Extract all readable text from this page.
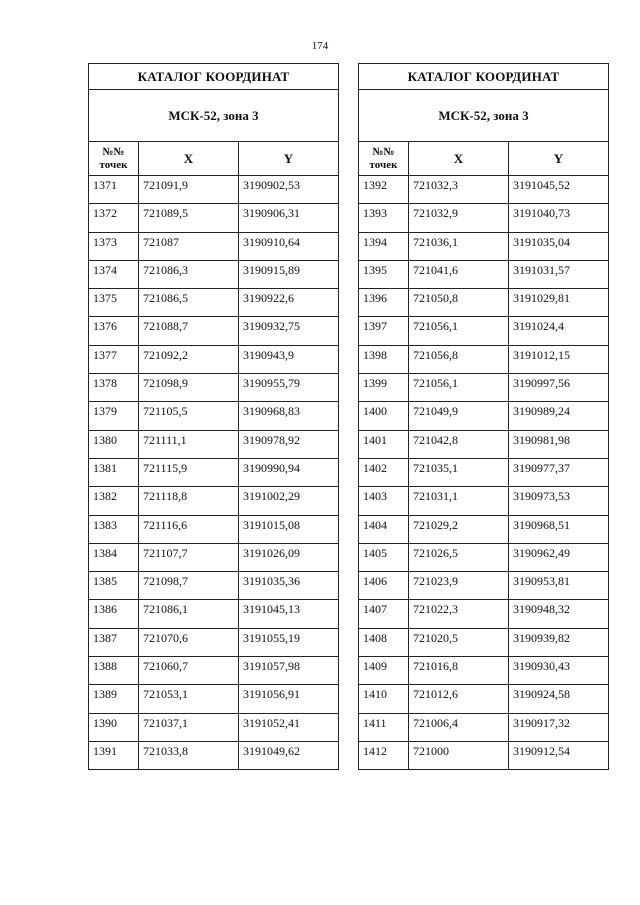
174
КАТАЛОГ КООРДИНАТ		
МСК-52, зона 3		
№№
точек	X	Y
1371	721091,9	3190902,53
1372	721089,5	3190906,31
1373	721087	3190910,64
1374	721086,3	3190915,89
1375	721086,5	3190922,6
1376	721088,7	3190932,75
1377	721092,2	3190943,9
1378	721098,9	3190955,79
1379	721105,5	3190968,83
1380	721111,1	3190978,92
1381	721115,9	3190990,94
1382	721118,8	3191002,29
1383	721116,6	3191015,08
1384	721107,7	3191026,09
1385	721098,7	3191035,36
1386	721086,1	3191045,13
1387	721070,6	3191055,19
1388	721060,7	3191057,98
1389	721053,1	3191056,91
1390	721037,1	3191052,41
1391	721033,8	3191049,62
КАТАЛОГ КООРДИНАТ		
МСК-52, зона 3		
№№
точек	X	Y
1392	721032,3	3191045,52
1393	721032,9	3191040,73
1394	721036,1	3191035,04
1395	721041,6	3191031,57
1396	721050,8	3191029,81
1397	721056,1	3191024,4
1398	721056,8	3191012,15
1399	721056,1	3190997,56
1400	721049,9	3190989,24
1401	721042,8	3190981,98
1402	721035,1	3190977,37
1403	721031,1	3190973,53
1404	721029,2	3190968,51
1405	721026,5	3190962,49
1406	721023,9	3190953,81
1407	721022,3	3190948,32
1408	721020,5	3190939,82
1409	721016,8	3190930,43
1410	721012,6	3190924,58
1411	721006,4	3190917,32
1412	721000	3190912,54
